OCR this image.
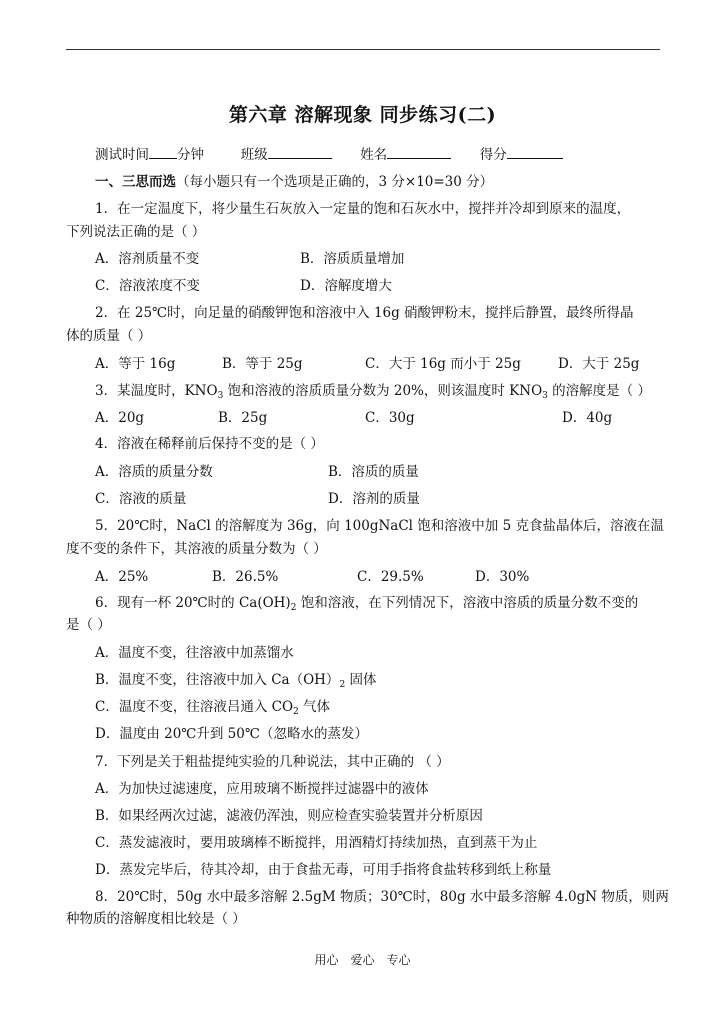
第六章 溶解现象 同步练习(二)
测试时间 分钟	班级	姓名	得分
一、三思而选（每小题只有一个选项是正确的，3 分×10=30 分）
1．在一定温度下，将少量生石灰放入一定量的饱和石灰水中，搅拌并冷却到原来的温度，
下列说法正确的是（ ）
A．溶剂质量不变	B．溶质质量增加
C．溶液浓度不变	D．溶解度增大
2．在 25℃时，向足量的硝酸钾饱和溶液中入 16g 硝酸钾粉末，搅拌后静置，最终所得晶
体的质量（ ）
A．等于 16g	B．等于 25g	C．大于 16g 而小于 25g	D．大于 25g
3．某温度时，$KNO_3$ 饱和溶液的溶质质量分数为 20%，则该温度时 $KNO_3$ 的溶解度是（ ）
A．20g	B．25g	C．30g	D．40g
4．溶液在稀释前后保持不变的是（ ）
A．溶质的质量分数	B．溶质的质量
C．溶液的质量	D．溶剂的质量
5．20℃时，NaCl 的溶解度为 36g，向 100gNaCl 饱和溶液中加 5 克食盐晶体后，溶液在温
度不变的条件下，其溶液的质量分数为（ ）
A．25%	B．26.5%	C．29.5%	D．30%
6．现有一杯 20℃时的 $Ca(OH)_2$ 饱和溶液，在下列情况下，溶液中溶质的质量分数不变的
是（ ）
A．温度不变，往溶液中加蒸馏水
B．温度不变，往溶液中加入 $Ca(OH)_2$ 固体
C．温度不变，往溶液吕通入 $CO_2$ 气体
D．温度由 20℃升到 50℃（忽略水的蒸发）
7．下列是关于粗盐提纯实验的几种说法，其中正确的 （ ）
A．为加快过滤速度，应用玻璃不断搅拌过滤器中的液体
B．如果经两次过滤，滤液仍浑浊，则应检查实验装置并分析原因
C．蒸发滤液时，要用玻璃棒不断搅拌，用酒精灯持续加热，直到蒸干为止
D．蒸发完毕后，待其冷却，由于食盐无毒，可用手指将食盐转移到纸上称量
8．20℃时，50g 水中最多溶解 2.5gM 物质；30℃时，80g 水中最多溶解 4.0gN 物质，则两
种物质的溶解度相比较是（ ）
用心 爱心 专心
